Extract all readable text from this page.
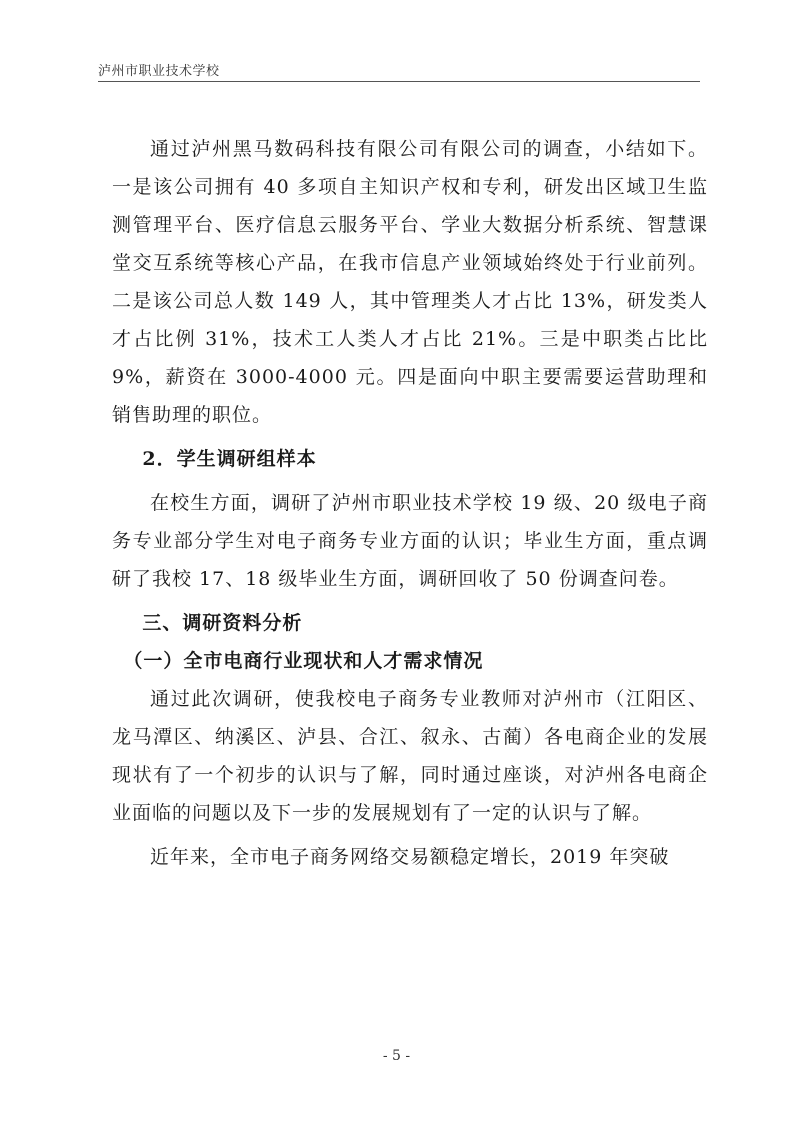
泸州市职业技术学校

通过泸州黑马数码科技有限公司有限公司的调查，小结如下。一是该公司拥有 40 多项自主知识产权和专利，研发出区域卫生监测管理平台、医疗信息云服务平台、学业大数据分析系统、智慧课堂交互系统等核心产品，在我市信息产业领域始终处于行业前列。二是该公司总人数 149 人，其中管理类人才占比 13%，研发类人才占比例 31%，技术工人类人才占比 21%。三是中职类占比比 9%，薪资在 3000-4000 元。四是面向中职主要需要运营助理和销售助理的职位。

2．学生调研组样本

在校生方面，调研了泸州市职业技术学校 19 级、20 级电子商务专业部分学生对电子商务专业方面的认识；毕业生方面，重点调研了我校 17、18 级毕业生方面，调研回收了 50 份调查问卷。

三、调研资料分析

（一）全市电商行业现状和人才需求情况

通过此次调研，使我校电子商务专业教师对泸州市（江阳区、龙马潭区、纳溪区、泸县、合江、叙永、古蔺）各电商企业的发展现状有了一个初步的认识与了解，同时通过座谈，对泸州各电商企业面临的问题以及下一步的发展规划有了一定的认识与了解。

近年来，全市电子商务网络交易额稳定增长，2019 年突破

- 5 -
